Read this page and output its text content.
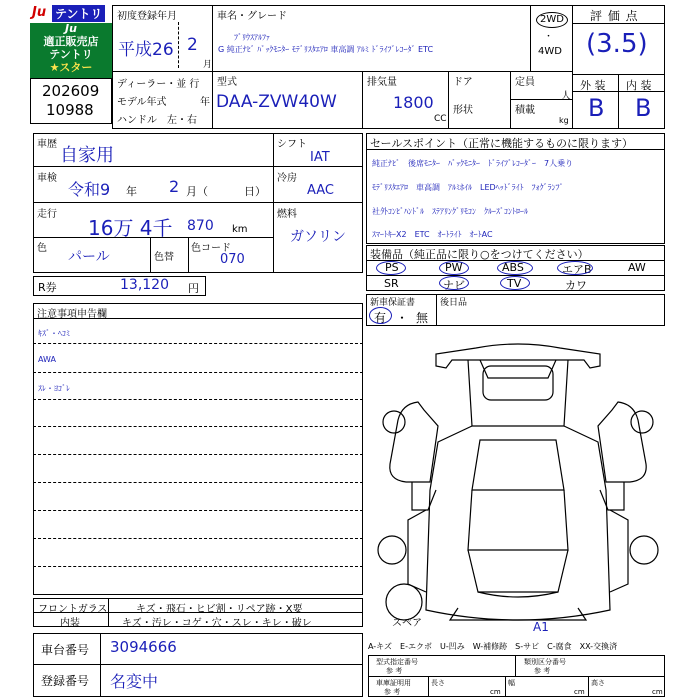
Ju テントリ
Ju
適正販売店
テントリ
★スター
202609
10988
初度登録年月
平成26 2
月
車名・グレード
ﾌﾞﾘｳｽｱﾙﾌｧ
G 純正ﾅﾋﾞ ﾊﾞｯｸﾓﾆﾀｰ ﾓﾃﾞﾘｽﾀｴｱﾛ 車高調 ｱﾙﾐ ﾄﾞﾗｲﾌﾞﾚｺｰﾀﾞ ETC
2WD
・
4WD
評 価 点
(3.5)
外 装 内 装
B B
ディーラー・並 行
モデル年式	年
ハンドル　左・右
型式
DAA-ZVW40W
排気量
1800
CC
ドア
形状
定員
人
積載
kg
車歴
自家用
シフト
IAT
車検
令和9 年 2 月（	日）
冷房
AAC
走行
16万 4千 870 km
燃料
ガソリン
色
パール	色替
色コード
070
R券	13,120 円
セールスポイント（正常に機能するものに限ります）
純正ﾅﾋﾞ　後席ﾓﾆﾀｰ　ﾊﾞｯｸﾓﾆﾀｰ　ﾄﾞﾗｲﾌﾞﾚｺｰﾀﾞｰ　7人乗り
ﾓﾃﾞﾘｽﾀｴｱﾛ　車高調　ｱﾙﾐﾎｲﾙ　LEDﾍｯﾄﾞﾗｲﾄ　ﾌｫｸﾞﾗﾝﾌﾟ
社外ｺﾝﾋﾞﾊﾝﾄﾞﾙ　ｽﾃｱﾘﾝｸﾞﾘﾓｺﾝ　ｸﾙｰｽﾞｺﾝﾄﾛｰﾙ
ｽﾏｰﾄｷｰX2　ETC　ｵｰﾄﾗｲﾄ　ｵｰﾄAC
装備品（純正品に限り○をつけてください）
PS	PW	ABS	エアB	AW
SR	ナビ	TV	カワ
新車保証書
有 ・ 無
後日品
注意事項申告欄
ｷｽﾞ・ﾍｺﾐ
AWA
ｽﾚ・ﾖｺﾞﾚ
フロントガラス	キズ・飛石・ヒビ割・リペア跡・X要
内装	キズ・汚レ・コゲ・穴・スレ・キレ・破レ
車台番号 3094666
登録番号 名変中
スペア	A1
A-キズ　E-エクボ　U-凹み　W-補修跡　S-サビ　C-腐食　XX-交換済
型式指定番号
参 考
類別区分番号
参 考
車庫証明用
参 考
長さ
cm
幅
cm
高さ
cm
